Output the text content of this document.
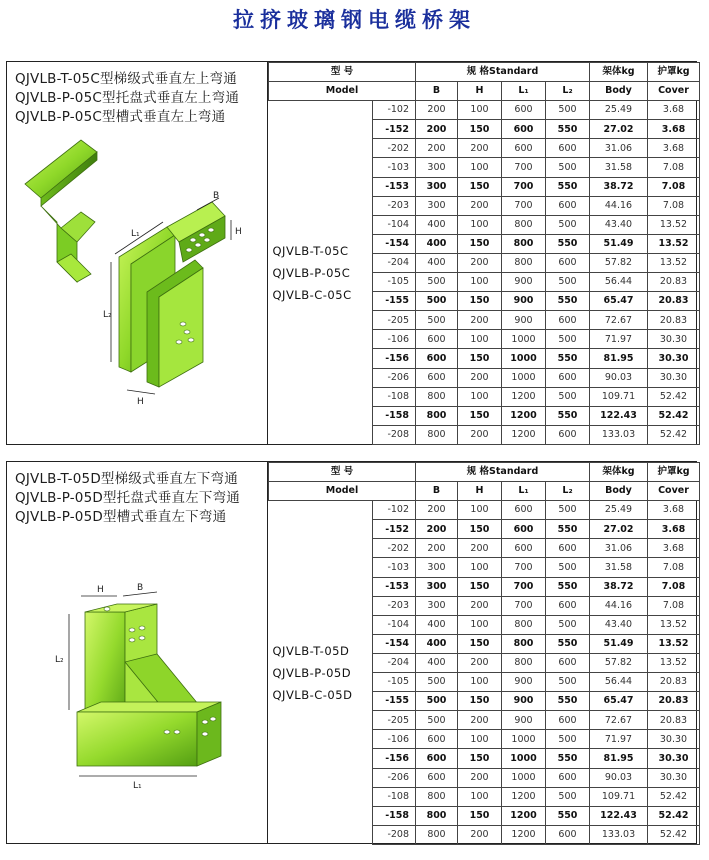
拉挤玻璃钢电缆桥架
QJVLB-T-05C型梯级式垂直左上弯通
QJVLB-P-05C型托盘式垂直左上弯通
QJVLB-P-05C型槽式垂直左上弯通
L₂
L₁
B
H
H
型 号		规 格Standard				架体kg	护罩kg
Model		B	H	L₁	L₂	Body	Cover

QJVLB-T-05C
QJVLB-P-05C
QJVLB-C-05C	-102	200	100	600	500	25.49	3.68
	-152	200	150	600	550	27.02	3.68
	-202	200	200	600	600	31.06	3.68
	-103	300	100	700	500	31.58	7.08
	-153	300	150	700	550	38.72	7.08
	-203	300	200	700	600	44.16	7.08
	-104	400	100	800	500	43.40	13.52
	-154	400	150	800	550	51.49	13.52
	-204	400	200	800	600	57.82	13.52
	-105	500	100	900	500	56.44	20.83
	-155	500	150	900	550	65.47	20.83
	-205	500	200	900	600	72.67	20.83
	-106	600	100	1000	500	71.97	30.30
	-156	600	150	1000	550	81.95	30.30
	-206	600	200	1000	600	90.03	30.30
	-108	800	100	1200	500	109.71	52.42
	-158	800	150	1200	550	122.43	52.42
	-208	800	200	1200	600	133.03	52.42
QJVLB-T-05D型梯级式垂直左下弯通
QJVLB-P-05D型托盘式垂直左下弯通
QJVLB-P-05D型槽式垂直左下弯通
L₂
H	B
L₁
型 号		规 格Standard				架体kg	护罩kg
Model		B	H	L₁	L₂	Body	Cover

QJVLB-T-05D
QJVLB-P-05D
QJVLB-C-05D	-102	200	100	600	500	25.49	3.68
	-152	200	150	600	550	27.02	3.68
	-202	200	200	600	600	31.06	3.68
	-103	300	100	700	500	31.58	7.08
	-153	300	150	700	550	38.72	7.08
	-203	300	200	700	600	44.16	7.08
	-104	400	100	800	500	43.40	13.52
	-154	400	150	800	550	51.49	13.52
	-204	400	200	800	600	57.82	13.52
	-105	500	100	900	500	56.44	20.83
	-155	500	150	900	550	65.47	20.83
	-205	500	200	900	600	72.67	20.83
	-106	600	100	1000	500	71.97	30.30
	-156	600	150	1000	550	81.95	30.30
	-206	600	200	1000	600	90.03	30.30
	-108	800	100	1200	500	109.71	52.42
	-158	800	150	1200	550	122.43	52.42
	-208	800	200	1200	600	133.03	52.42
